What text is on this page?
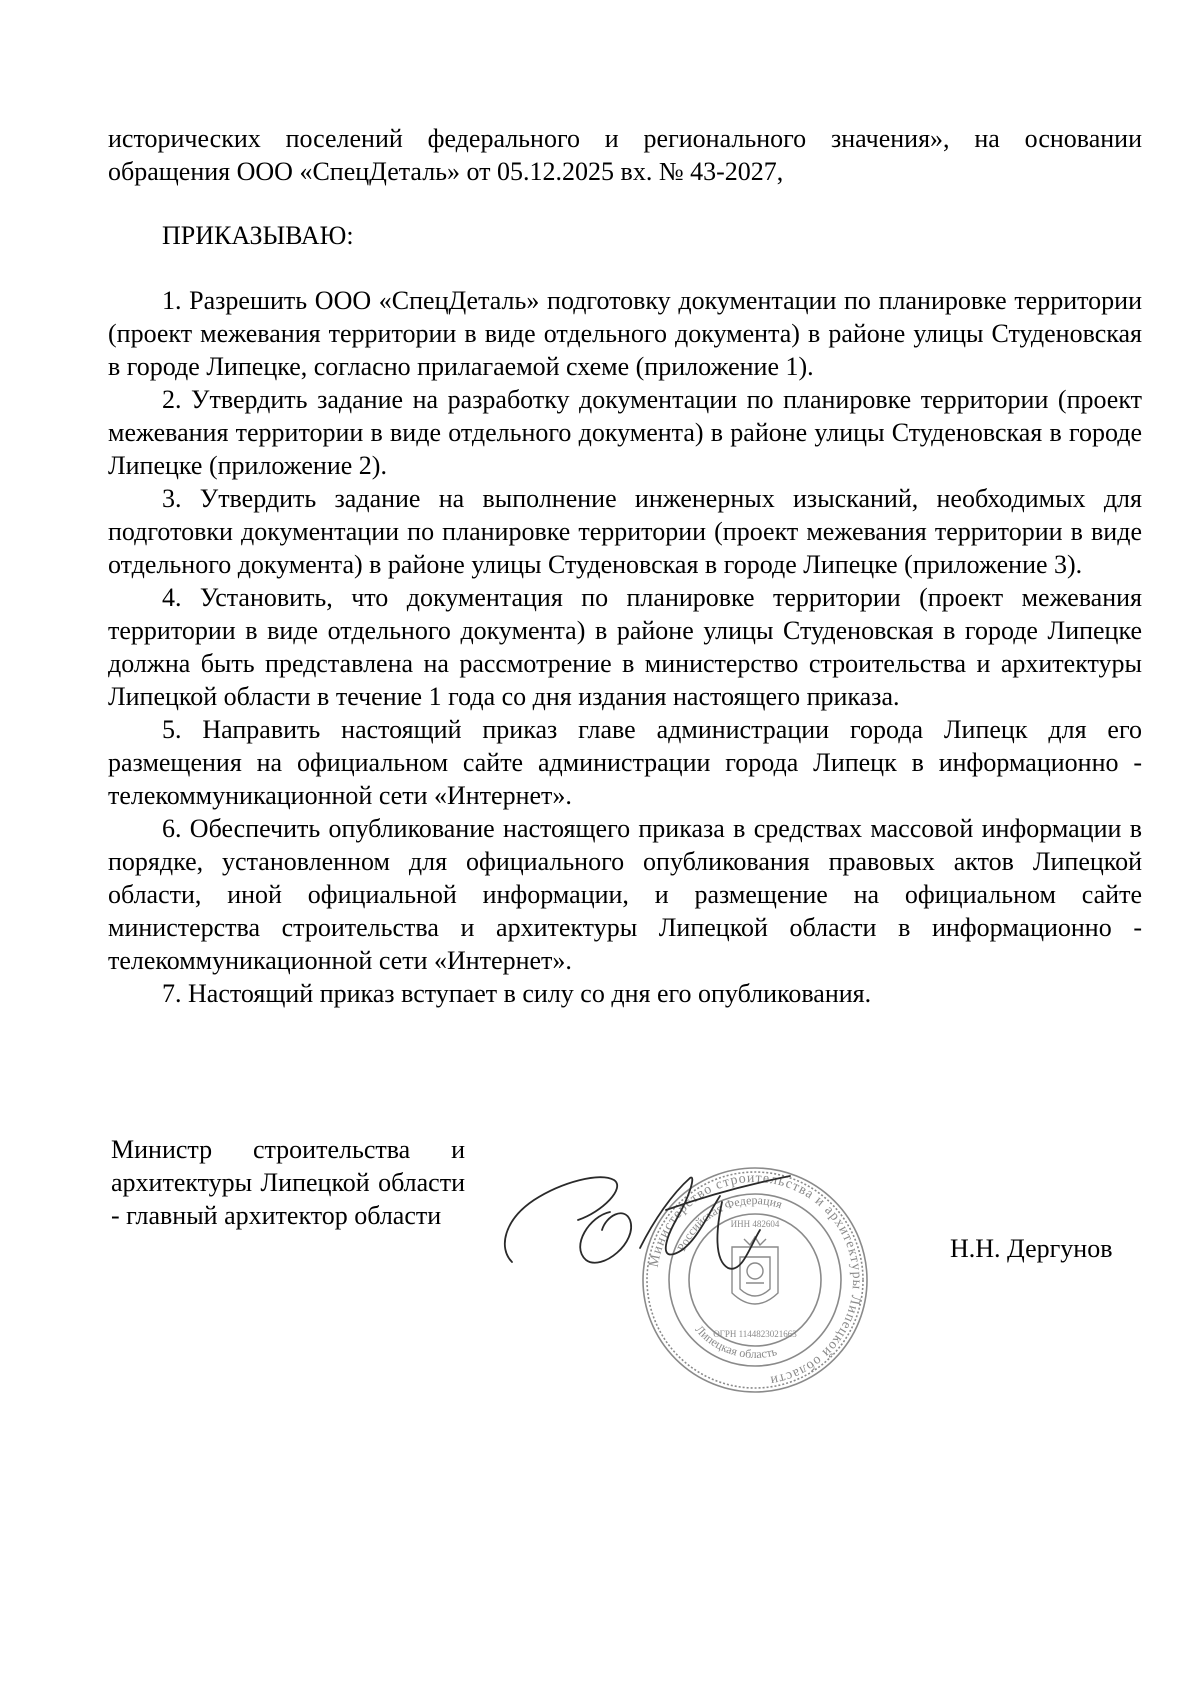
исторических поселений федерального и регионального значения», на основании обращения ООО «СпецДеталь» от 05.12.2025 вх. № 43-2027,

ПРИКАЗЫВАЮ:

1. Разрешить ООО «СпецДеталь» подготовку документации по планировке территории (проект межевания территории в виде отдельного документа) в районе улицы Студеновская в городе Липецке, согласно прилагаемой схеме (приложение 1).

2. Утвердить задание на разработку документации по планировке территории (проект межевания территории в виде отдельного документа) в районе улицы Студеновская в городе Липецке (приложение 2).

3. Утвердить задание на выполнение инженерных изысканий, необходимых для подготовки документации по планировке территории (проект межевания территории в виде отдельного документа) в районе улицы Студеновская в городе Липецке (приложение 3).

4. Установить, что документация по планировке территории (проект межевания территории в виде отдельного документа) в районе улицы Студеновская в городе Липецке должна быть представлена на рассмотрение в министерство строительства и архитектуры Липецкой области в течение 1 года со дня издания настоящего приказа.

5. Направить настоящий приказ главе администрации города Липецк для его размещения на официальном сайте администрации города Липецк в информационно - телекоммуникационной сети «Интернет».

6. Обеспечить опубликование настоящего приказа в средствах массовой информации в порядке, установленном для официального опубликования правовых актов Липецкой области, иной официальной информации, и размещение на официальном сайте министерства строительства и архитектуры Липецкой области в информационно - телекоммуникационной сети «Интернет».

7. Настоящий приказ вступает в силу со дня его опубликования.

Министр строительства и архитектуры Липецкой области - главный архитектор области
Министерство строительства и архитектуры Липецкой области
Российская Федерация
Липецкая область
ИНН 482604
ОГРН 1144823021663
Н.Н. Дергунов
